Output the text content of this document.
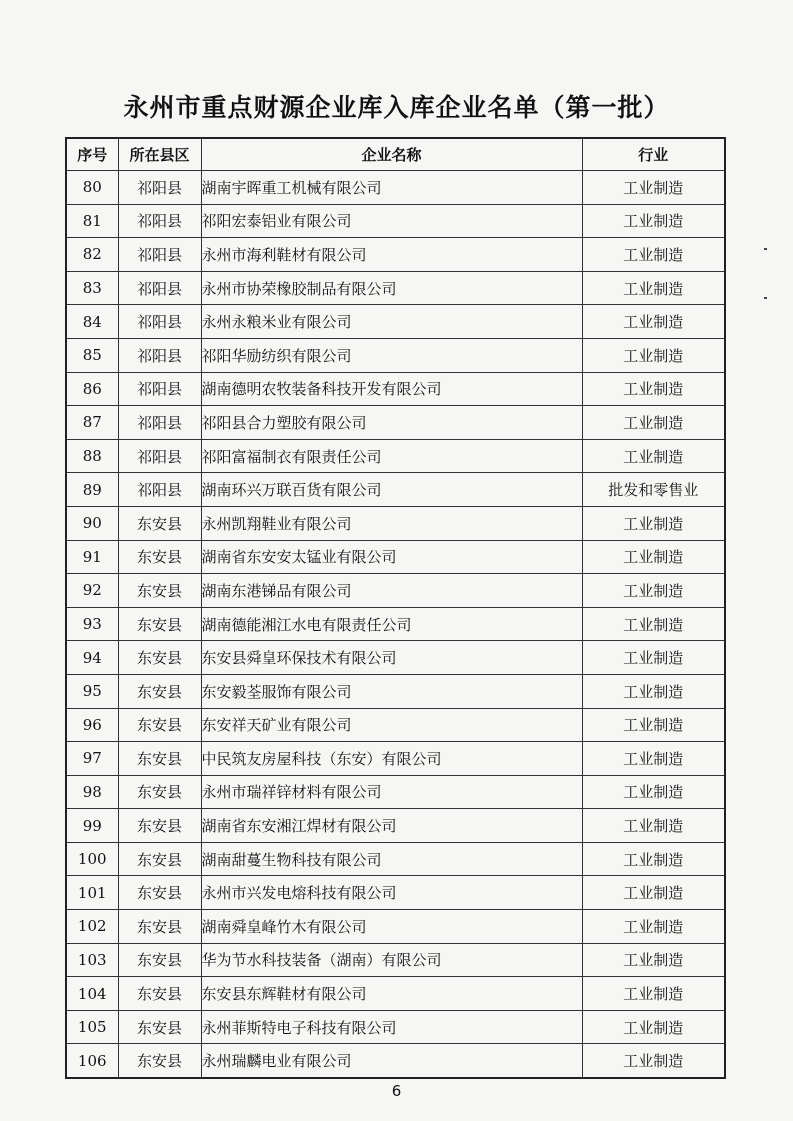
永州市重点财源企业库入库企业名单（第一批）
序号	所在县区	企业名称	行业
80	祁阳县	湖南宇晖重工机械有限公司	工业制造
81	祁阳县	祁阳宏泰铝业有限公司	工业制造
82	祁阳县	永州市海利鞋材有限公司	工业制造
83	祁阳县	永州市协荣橡胶制品有限公司	工业制造
84	祁阳县	永州永粮米业有限公司	工业制造
85	祁阳县	祁阳华励纺织有限公司	工业制造
86	祁阳县	湖南德明农牧装备科技开发有限公司	工业制造
87	祁阳县	祁阳县合力塑胶有限公司	工业制造
88	祁阳县	祁阳富福制衣有限责任公司	工业制造
89	祁阳县	湖南环兴万联百货有限公司	批发和零售业
90	东安县	永州凯翔鞋业有限公司	工业制造
91	东安县	湖南省东安安太锰业有限公司	工业制造
92	东安县	湖南东港锑品有限公司	工业制造
93	东安县	湖南德能湘江水电有限责任公司	工业制造
94	东安县	东安县舜皇环保技术有限公司	工业制造
95	东安县	东安毅荃服饰有限公司	工业制造
96	东安县	东安祥天矿业有限公司	工业制造
97	东安县	中民筑友房屋科技（东安）有限公司	工业制造
98	东安县	永州市瑞祥锌材料有限公司	工业制造
99	东安县	湖南省东安湘江焊材有限公司	工业制造
100	东安县	湖南甜蔓生物科技有限公司	工业制造
101	东安县	永州市兴发电熔科技有限公司	工业制造
102	东安县	湖南舜皇峰竹木有限公司	工业制造
103	东安县	华为节水科技装备（湖南）有限公司	工业制造
104	东安县	东安县东辉鞋材有限公司	工业制造
105	东安县	永州菲斯特电子科技有限公司	工业制造
106	东安县	永州瑞麟电业有限公司	工业制造
6
